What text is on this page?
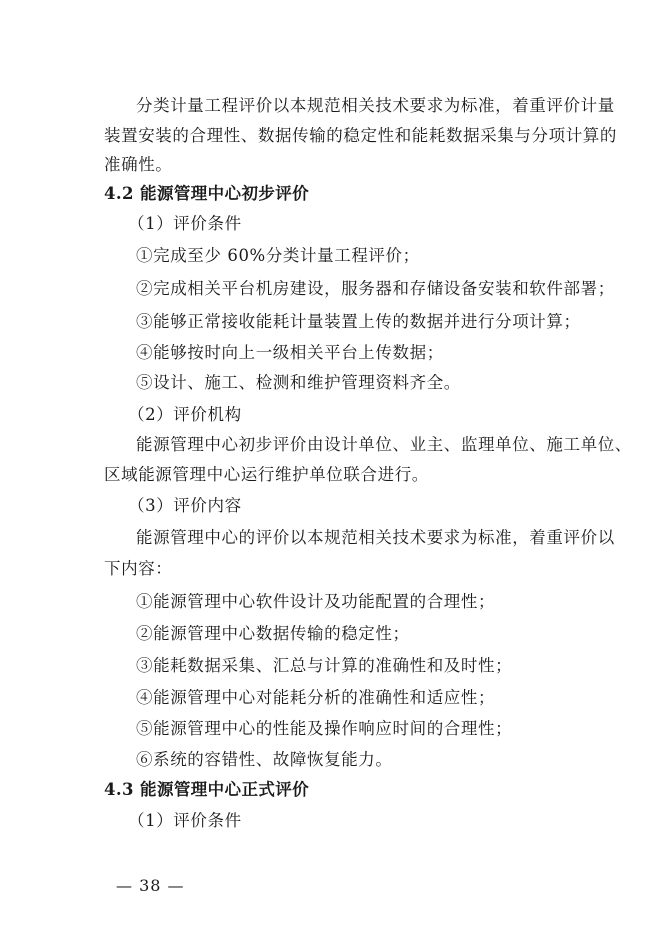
分类计量工程评价以本规范相关技术要求为标准，着重评价计量
装置安装的合理性、数据传输的稳定性和能耗数据采集与分项计算的
准确性。
4.2 能源管理中心初步评价
（1）评价条件
①完成至少 60%分类计量工程评价；
②完成相关平台机房建设，服务器和存储设备安装和软件部署；
③能够正常接收能耗计量装置上传的数据并进行分项计算；
④能够按时向上一级相关平台上传数据；
⑤设计、施工、检测和维护管理资料齐全。
（2）评价机构
能源管理中心初步评价由设计单位、业主、监理单位、施工单位、
区域能源管理中心运行维护单位联合进行。
（3）评价内容
能源管理中心的评价以本规范相关技术要求为标准，着重评价以
下内容：
①能源管理中心软件设计及功能配置的合理性；
②能源管理中心数据传输的稳定性；
③能耗数据采集、汇总与计算的准确性和及时性；
④能源管理中心对能耗分析的准确性和适应性；
⑤能源管理中心的性能及操作响应时间的合理性；
⑥系统的容错性、故障恢复能力。
4.3 能源管理中心正式评价
（1）评价条件
— 38 —
